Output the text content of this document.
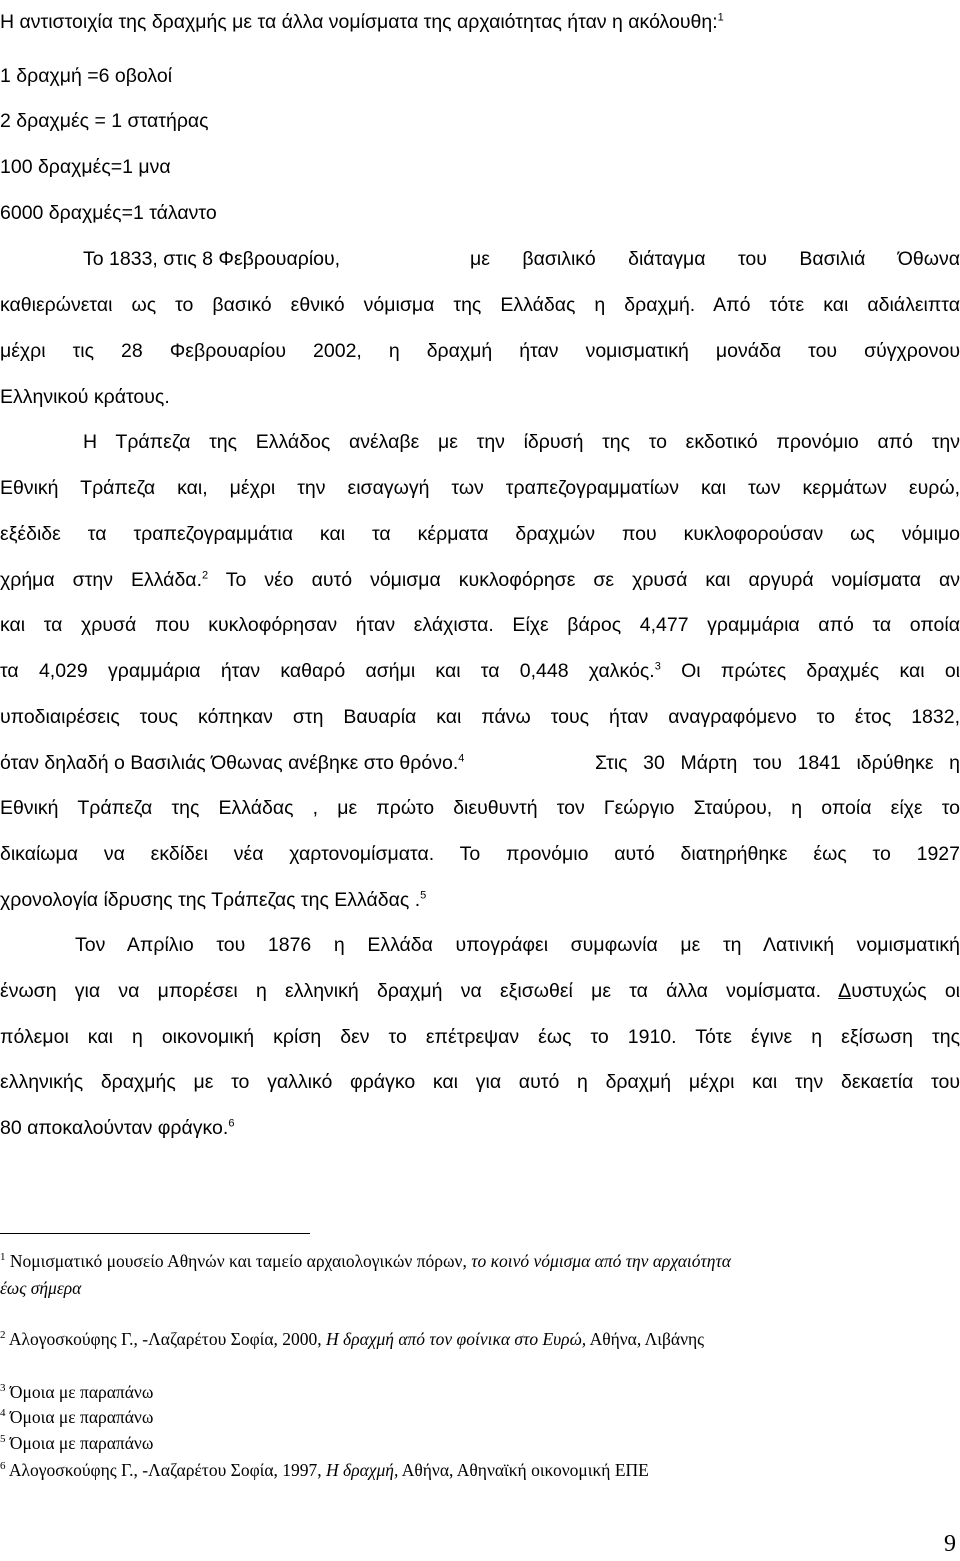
Η αντιστοιχία της δραχμής με τα άλλα νομίσματα της αρχαιότητας ήταν η ακόλουθη:$^1$
1 δραχμή =6 οβολοί
2 δραχμές = 1 στατήρας
100 δραχμές=1 μνα
6000 δραχμές=1 τάλαντο
Το 1833, στις 8 Φεβρουαρίου,	με βασιλικό διάταγμα του Βασιλιά Όθωνα
καθιερώνεται ως το βασικό εθνικό νόμισμα της Ελλάδας η δραχμή. Από τότε και αδιάλειπτα
μέχρι τις 28 Φεβρουαρίου 2002, η δραχμή ήταν νομισματική μονάδα του σύγχρονου
Ελληνικού κράτους.
Η Τράπεζα της Ελλάδος ανέλαβε με την ίδρυσή της το εκδοτικό προνόμιο από την
Εθνική Τράπεζα και, μέχρι την εισαγωγή των τραπεζογραμματίων και των κερμάτων ευρώ,
εξέδιδε τα τραπεζογραμμάτια και τα κέρματα δραχμών που κυκλοφορούσαν ως νόμιμο
χρήμα στην Ελλάδα.$^2$ Το νέο αυτό νόμισμα κυκλοφόρησε σε χρυσά και αργυρά νομίσματα αν
και τα χρυσά που κυκλοφόρησαν ήταν ελάχιστα. Είχε βάρος 4,477 γραμμάρια από τα οποία
τα 4,029 γραμμάρια ήταν καθαρό ασήμι και τα 0,448 χαλκός.$^3$ Οι πρώτες δραχμές και οι
υποδιαιρέσεις τους κόπηκαν στη Βαυαρία και πάνω τους ήταν αναγραφόμενο το έτος 1832,
όταν δηλαδή ο Βασιλιάς Όθωνας ανέβηκε στο θρόνο.$^4$	Στις 30 Μάρτη του 1841 ιδρύθηκε η
Εθνική Τράπεζα της Ελλάδας , με πρώτο διευθυντή τον Γεώργιο Σταύρου, η οποία είχε το
δικαίωμα να εκδίδει νέα χαρτονομίσματα. Το προνόμιο αυτό διατηρήθηκε έως το 1927
χρονολογία ίδρυσης της Τράπεζας της Ελλάδας .$^5$
Τον Απρίλιο του 1876 η Ελλάδα υπογράφει συμφωνία με τη Λατινική νομισματική
ένωση για να μπορέσει η ελληνική δραχμή να εξισωθεί με τα άλλα νομίσματα. Δυστυχώς οι
πόλεμοι και η οικονομική κρίση δεν το επέτρεψαν έως το 1910. Τότε έγινε η εξίσωση της
ελληνικής δραχμής με το γαλλικό φράγκο και για αυτό η δραχμή μέχρι και την δεκαετία του
80 αποκαλούνταν φράγκο.$^6$
$^1$ Νομισματικό μουσείο Αθηνών και ταμείο αρχαιολογικών πόρων, το κοινό νόμισμα από την αρχαιότητα
έως σήμερα
$^2$ Αλογοσκούφης Γ., -Λαζαρέτου Σοφία, 2000, Η δραχμή από τον φοίνικα στο Ευρώ, Αθήνα, Λιβάνης
$^3$ Όμοια με παραπάνω
$^4$ Όμοια με παραπάνω
$^5$ Όμοια με παραπάνω
$^6$ Αλογοσκούφης Γ., -Λαζαρέτου Σοφία, 1997, Η δραχμή, Αθήνα, Αθηναϊκή οικονομική ΕΠΕ
9
